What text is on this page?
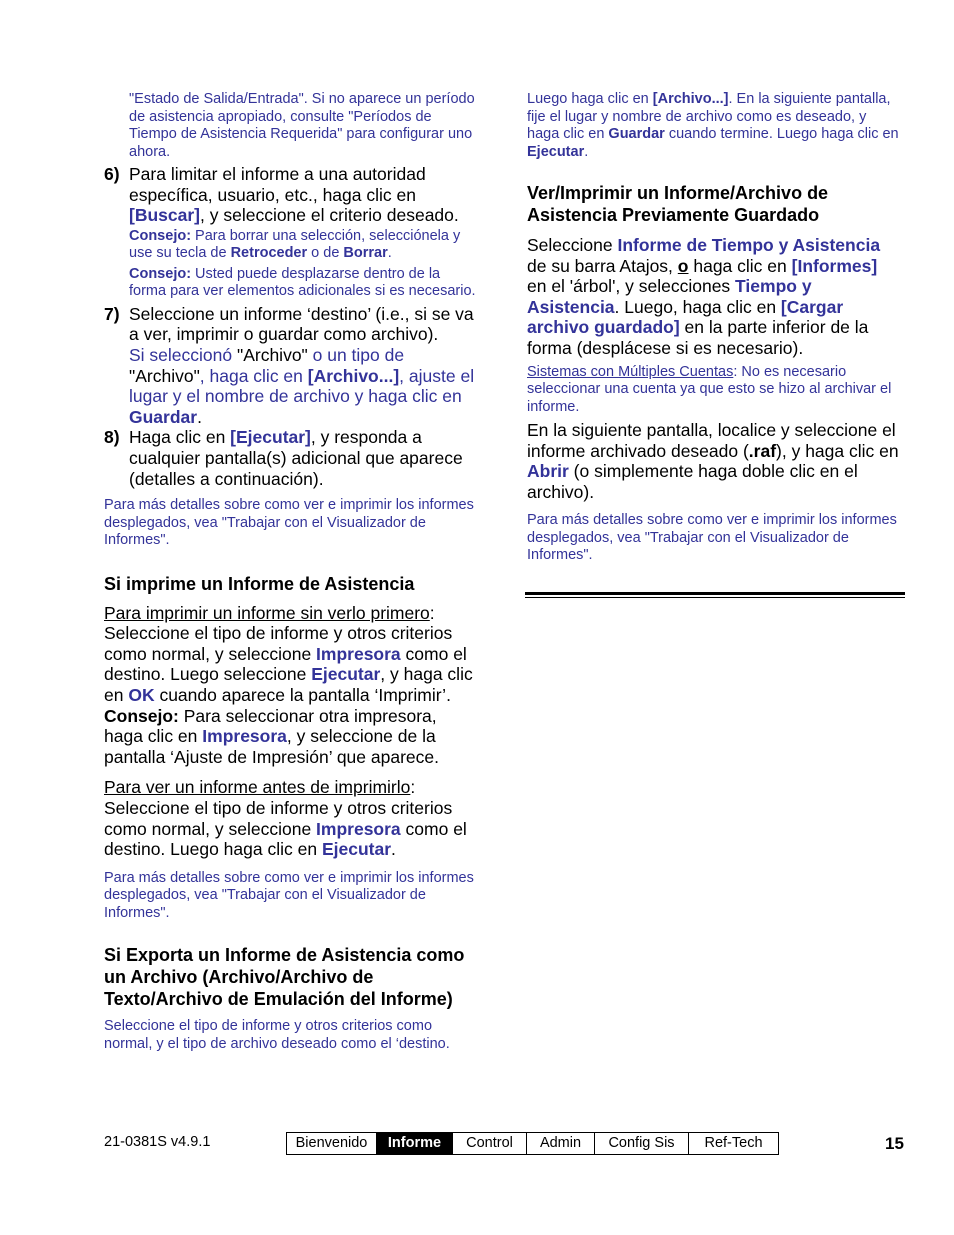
"Estado de Salida/Entrada". Si no aparece un período de asistencia apropiado, consulte "Períodos de Tiempo de Asistencia Requerida" para configurar uno ahora.

6) Para limitar el informe a una autoridad específica, usuario, etc., haga clic en [Buscar], y seleccione el criterio deseado.

Consejo: Para borrar una selección, selecciónela y use su tecla de Retroceder o de Borrar.

Consejo: Usted puede desplazarse dentro de la forma para ver elementos adicionales si es necesario.

7) Seleccione un informe ‘destino’ (i.e., si se va a ver, imprimir o guardar como archivo).

Si seleccionó "Archivo" o un tipo de "Archivo", haga clic en [Archivo...], ajuste el lugar y el nombre de archivo y haga clic en Guardar.

8) Haga clic en [Ejecutar], y responda a cualquier pantalla(s) adicional que aparece (detalles a continuación).

Para más detalles sobre como ver e imprimir los informes desplegados, vea "Trabajar con el Visualizador de Informes".

Si imprime un Informe de Asistencia

Para imprimir un informe sin verlo primero: Seleccione el tipo de informe y otros criterios como normal, y seleccione Impresora como el destino. Luego seleccione Ejecutar, y haga clic en OK cuando aparece la pantalla ‘Imprimir’. Consejo: Para seleccionar otra impresora, haga clic en Impresora, y seleccione de la pantalla ‘Ajuste de Impresión’ que aparece.

Para ver un informe antes de imprimirlo: Seleccione el tipo de informe y otros criterios como normal, y seleccione Impresora como el destino. Luego haga clic en Ejecutar.

Para más detalles sobre como ver e imprimir los informes desplegados, vea "Trabajar con el Visualizador de Informes".

Si Exporta un Informe de Asistencia como un Archivo (Archivo/Archivo de Texto/Archivo de Emulación del Informe)

Seleccione el tipo de informe y otros criterios como normal, y el tipo de archivo deseado como el ‘destino.

Luego haga clic en [Archivo...]. En la siguiente pantalla, fije el lugar y nombre de archivo como es deseado, y haga clic en Guardar cuando termine. Luego haga clic en Ejecutar.

Ver/Imprimir un Informe/Archivo de Asistencia Previamente Guardado

Seleccione Informe de Tiempo y Asistencia de su barra Atajos, o haga clic en [Informes] en el 'árbol', y selecciones Tiempo y Asistencia. Luego, haga clic en [Cargar archivo guardado] en la parte inferior de la forma (desplácese si es necesario).

Sistemas con Múltiples Cuentas: No es necesario seleccionar una cuenta ya que esto se hizo al archivar el informe.

En la siguiente pantalla, localice y seleccione el informe archivado deseado (.raf), y haga clic en Abrir (o simplemente haga doble clic en el archivo).

Para más detalles sobre como ver e imprimir los informes desplegados, vea "Trabajar con el Visualizador de Informes".

21-0381S v4.9.1	Bienvenido	Informe	Control	Admin	Config Sis	Ref-Tech	15
